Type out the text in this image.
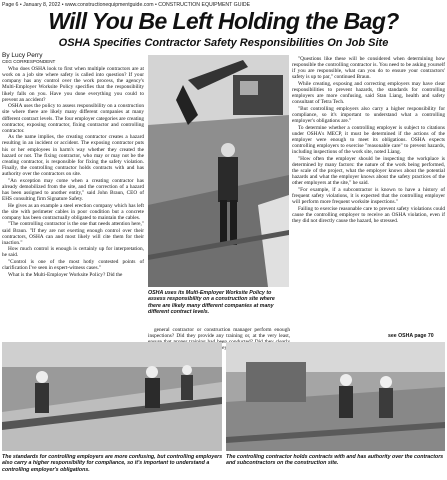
Page 6 • January 8, 2022 • www.constructionequipmentguide.com • CONSTRUCTION EQUIPMENT GUIDE
Will You Be Left Holding the Bag?
OSHA Specifies Contractor Safety Responsibilities On Job Site
By Lucy Perry
CEG CORRESPONDENT

Who does OSHA look to first when multiple contractors are at work on a job site where safety is called into question? If your company has any control over the work process, the agency's Multi-Employer Worksite Policy specifies that the responsibility likely falls on you. Have you done everything you could to prevent an accident?

OSHA uses the policy to assess responsibility on a construction site where there are likely many different companies at many different contract levels. The four employer categories are creating contractor, exposing contractor, fixing contractor and controlling contractor.

As the name implies, the creating contractor creates a hazard resulting in an incident or accident. The exposing contractor puts his or her employees in harm's way whether they created the hazard or not. The fixing contractor, who may or may not be the creating contractor, is responsible for fixing the safety violation. Finally, the controlling contractor holds contracts with and has authority over the contractors on site.

"An exception may come when a creating contractor has already demobilized from the site, and the correction of a hazard has been assigned to another entity," said John Braun, CEO of EHS consulting firm Signature Safety.

He gives as an example a steel erection company which has left the site with perimeter cables in poor condition but a concrete company has been contractually obligated to maintain the cables.

"The controlling contractor is the one that needs attention here," said Braun. "If they are not exerting enough control over their contractors, OSHA can and most likely will cite them for their inaction."

How much control is enough is certainly up for interpretation, he said.

"Control is one of the most hotly contested points of clarification I've seen in expert-witness cases."

What is the Multi-Employer Worksite Policy? Did the

OSHA uses its Multi-Employer Worksite Policy to assess responsibility on a construction site where there are likely many different companies at many different contract levels.

general contractor or construction manager perform enough inspections? Did they provide any training or, at the very least, they

"Questions like these will be considered when determining how responsible the controlling contractor is. You need to be asking yourself if you are responsible, what can you do to ensure your contractors' safety is up to par," continued Braun.

While creating, exposing and correcting employers may have clear responsibilities to prevent hazards, the standards for controlling employers are more confusing, said Stan Liang, health and safety consultant of Tetra Tech.

"But controlling employers also carry a higher responsibility for compliance, so it's important to understand what a controlling employer's obligations are."

To determine whether a controlling employer is subject to citations under OSHA's MECP, it must be determined if the actions of the employer were enough to meet its obligations. OSHA expects controlling employers to exercise "reasonable care" to prevent hazards, including inspections of the work site, noted Liang.

"How often the employer should be inspecting the workplace is determined by many factors: the nature of the work being performed, the scale of the project, what the employer knows about the potential hazards and what the employer knows about the safety practices of the other employers at the site," he said.

"For example, if a subcontractor is known to have a history of frequent safety violations, it is expected that the controlling employer will perform more frequent worksite inspections."

Failing to exercise reasonable care to prevent safety violations could cause the controlling employer to receive an OSHA violation, even if they did not directly cause the hazard, he stressed.

see OSHA page 70
The standards for controlling employers are more confusing, but controlling employers also carry a higher responsibility for compliance, so it's important to understand a controlling employer's obligations.
The controlling contractor holds contracts with and has authority over the contractors and subcontractors on the construction site.
